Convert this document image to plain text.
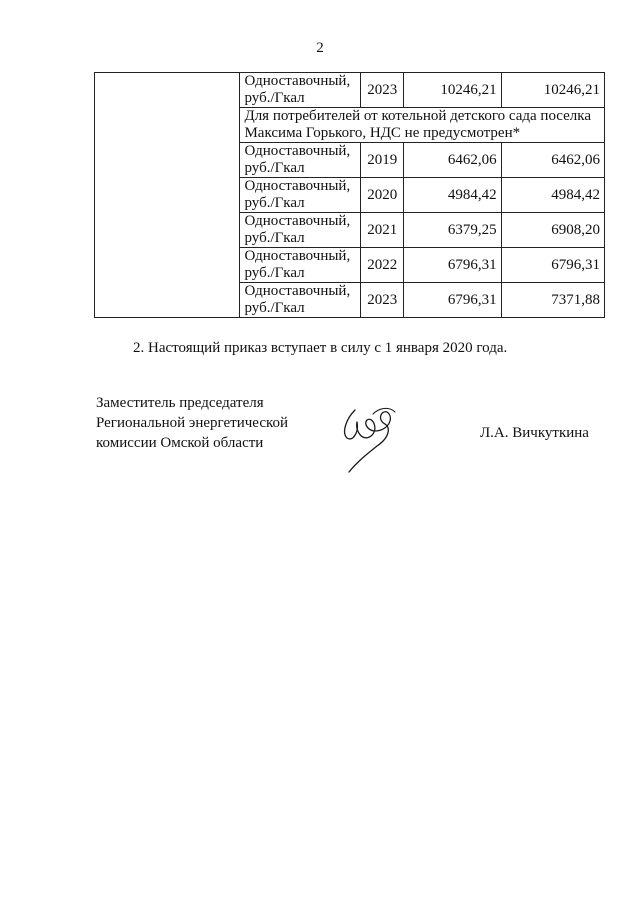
2
	Одноставочный,
руб./Гкал	2023	10246,21	10246,21
	Для потребителей от котельной детского сада поселка
Максима Горького, НДС не предусмотрен*			
	Одноставочный,
руб./Гкал	2019	6462,06	6462,06
	Одноставочный,
руб./Гкал	2020	4984,42	4984,42
	Одноставочный,
руб./Гкал	2021	6379,25	6908,20
	Одноставочный,
руб./Гкал	2022	6796,31	6796,31
	Одноставочный,
руб./Гкал	2023	6796,31	7371,88
2. Настоящий приказ вступает в силу с 1 января 2020 года.
Заместитель председателя
Региональной энергетической
комиссии Омской области
Л.А. Вичкуткина
